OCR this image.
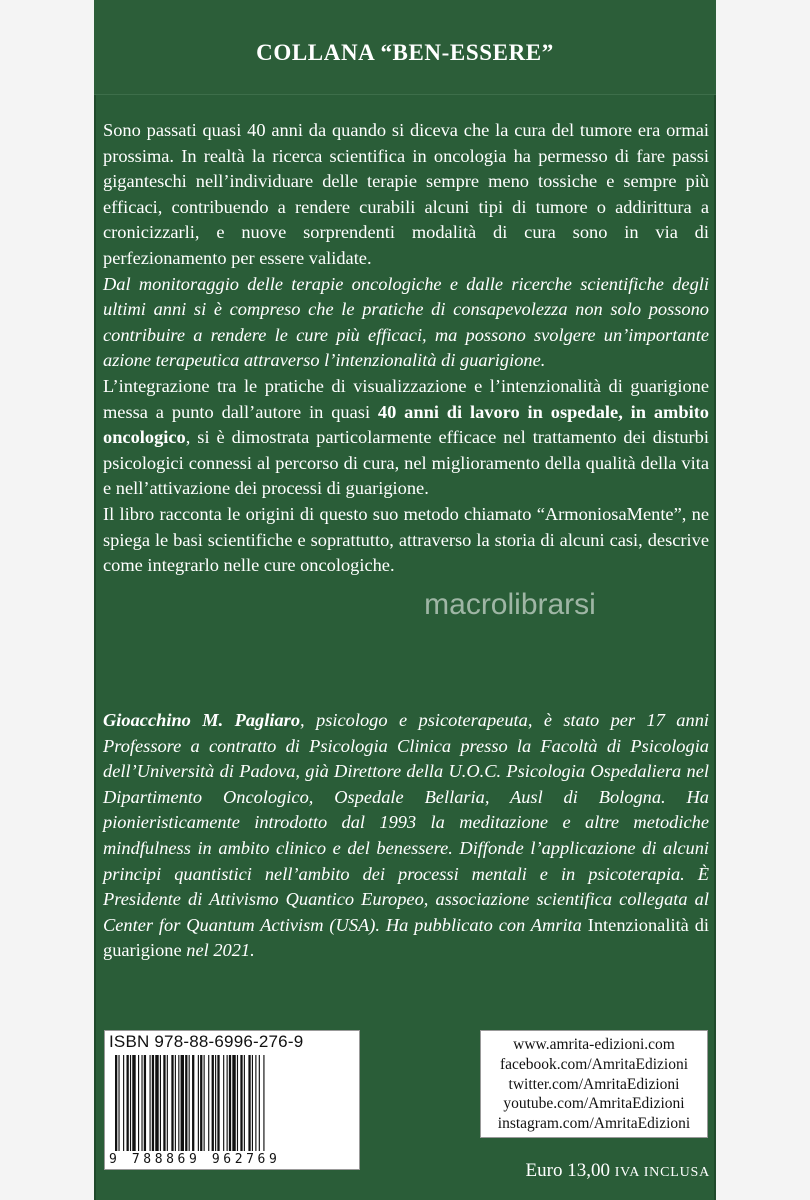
COLLANA “BEN-ESSERE”

Sono passati quasi 40 anni da quando si diceva che la cura del tumore era ormai prossima. In realtà la ricerca scientifica in oncologia ha permesso di fare passi giganteschi nell’individuare delle terapie sempre meno tossiche e sempre più efficaci, contribuendo a rendere curabili alcuni tipi di tumore o addirittura a cronicizzarli, e nuove sorprendenti modalità di cura sono in via di perfezionamento per essere validate.

Dal monitoraggio delle terapie oncologiche e dalle ricerche scientifiche degli ultimi anni si è compreso che le pratiche di consapevolezza non solo possono contribuire a rendere le cure più efficaci, ma possono svolgere un’importante azione terapeutica attraverso l’intenzionalità di guarigione.

L’integrazione tra le pratiche di visualizzazione e l’intenzionalità di guarigione messa a punto dall’autore in quasi 40 anni di lavoro in ospedale, in ambito oncologico, si è dimostrata particolarmente efficace nel trattamento dei disturbi psicologici connessi al percorso di cura, nel miglioramento della qualità della vita e nell’attivazione dei processi di guarigione.

Il libro racconta le origini di questo suo metodo chiamato “ArmoniosaMente”, ne spiega le basi scientifiche e soprattutto, attraverso la storia di alcuni casi, descrive come integrarlo nelle cure oncologiche.

macrolibrarsi
Gioacchino M. Pagliaro, psicologo e psicoterapeuta, è stato per 17 anni Professore a contratto di Psicologia Clinica presso la Facoltà di Psicologia dell’Università di Padova, già Direttore della U.O.C. Psicologia Ospedaliera nel Dipartimento Oncologico, Ospedale Bellaria, Ausl di Bologna. Ha pionieristicamente introdotto dal 1993 la meditazione e altre metodiche mindfulness in ambito clinico e del benessere. Diffonde l’applicazione di alcuni principi quantistici nell’ambito dei processi mentali e in psicoterapia. È Presidente di Attivismo Quantico Europeo, associazione scientifica collegata al Center for Quantum Activism (USA). Ha pubblicato con Amrita Intenzionalità di guarigione nel 2021.
ISBN 978-88-6996-276-9
9 788869 962769
www.amrita-edizioni.com
facebook.com/AmritaEdizioni
twitter.com/AmritaEdizioni
youtube.com/AmritaEdizioni
instagram.com/AmritaEdizioni
Euro 13,00 IVA INCLUSA
